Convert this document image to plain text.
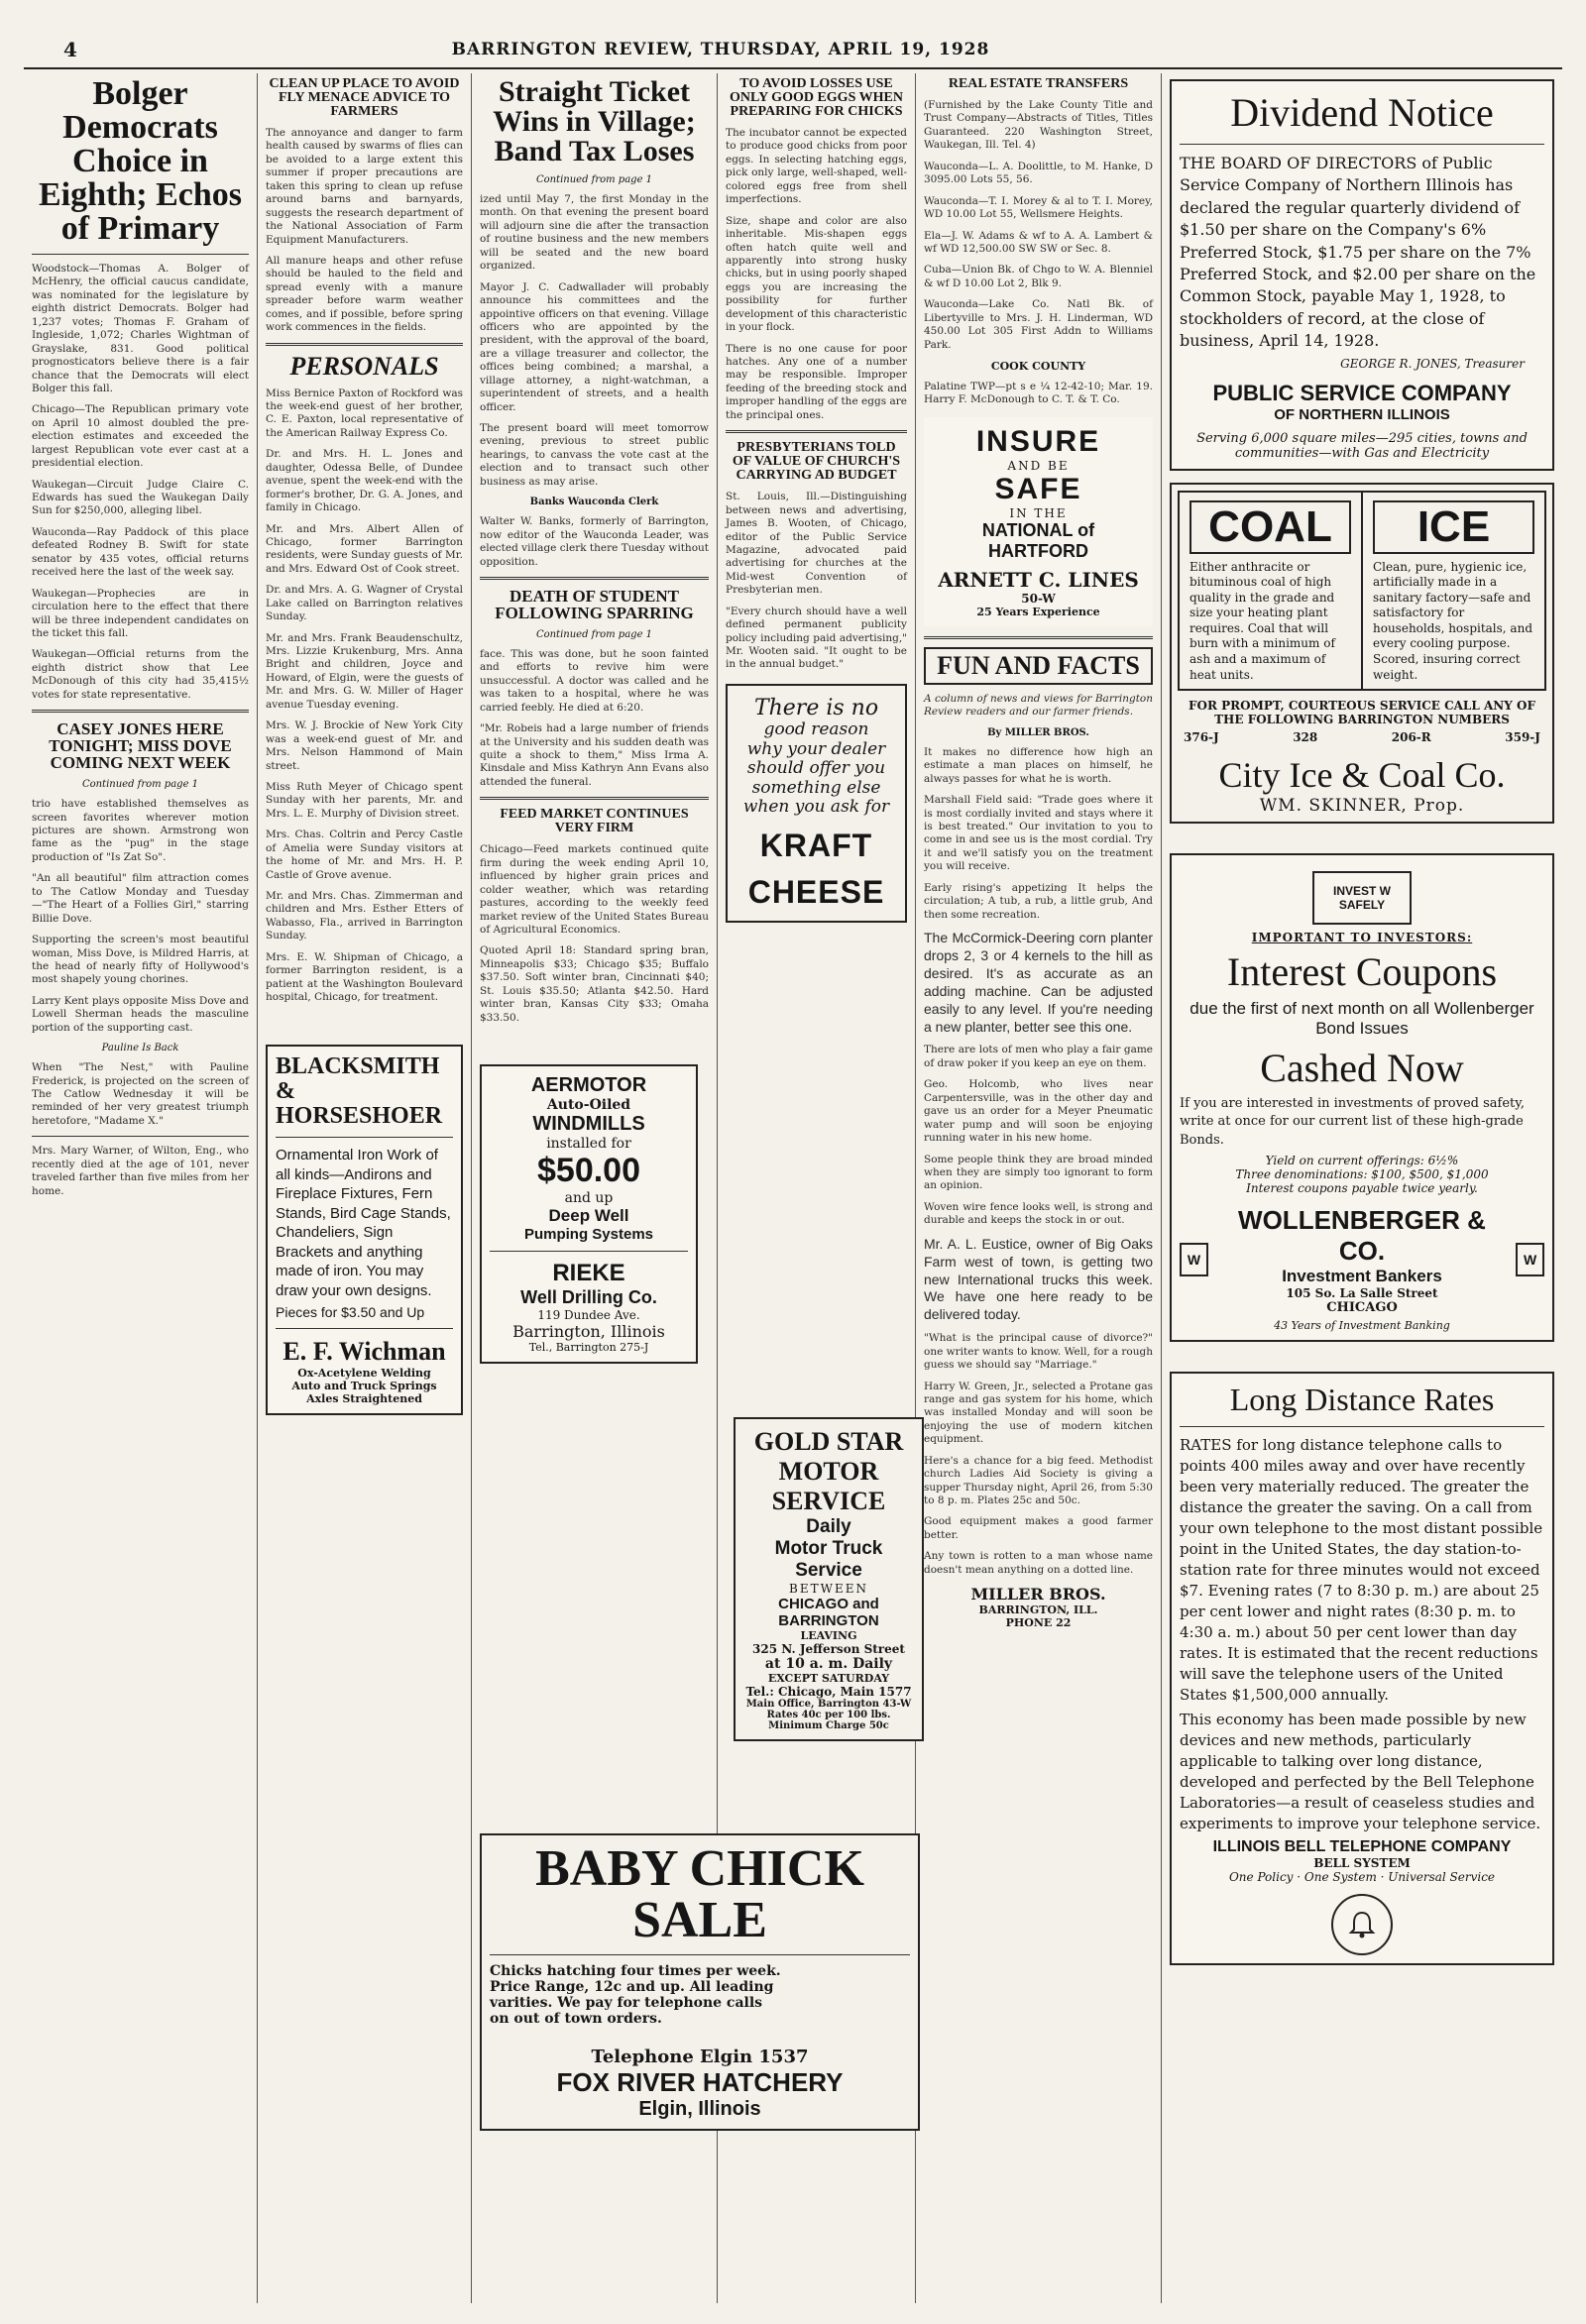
4	BARRINGTON REVIEW, THURSDAY, APRIL 19, 1928
Bolger Democrats Choice in Eighth; Echos of Primary

Woodstock—Thomas A. Bolger of McHenry, the official caucus candidate, was nominated for the legislature by eighth district Democrats. Bolger had 1,237 votes; Thomas F. Graham of Ingleside, 1,072; Charles Wightman of Grayslake, 831. Good political prognosticators believe there is a fair chance that the Democrats will elect Bolger this fall.

Chicago—The Republican primary vote on April 10 almost doubled the pre-election estimates and exceeded the largest Republican vote ever cast at a presidential election.

Waukegan—Circuit Judge Claire C. Edwards has sued the Waukegan Daily Sun for $250,000, alleging libel.

Wauconda—Ray Paddock of this place defeated Rodney B. Swift for state senator by 435 votes, official returns received here the last of the week say.

Waukegan—Prophecies are in circulation here to the effect that there will be three independent candidates on the ticket this fall.

Waukegan—Official returns from the eighth district show that Lee McDonough of this city had 35,415½ votes for state representative.

CASEY JONES HERE TONIGHT; MISS DOVE COMING NEXT WEEK
Continued from page 1

trio have established themselves as screen favorites wherever motion pictures are shown. Armstrong won fame as the "pug" in the stage production of "Is Zat So".

"An all beautiful" film attraction comes to The Catlow Monday and Tuesday—"The Heart of a Follies Girl," starring Billie Dove.

Supporting the screen's most beautiful woman, Miss Dove, is Mildred Harris, at the head of nearly fifty of Hollywood's most shapely young chorines.

Larry Kent plays opposite Miss Dove and Lowell Sherman heads the masculine portion of the supporting cast.

Pauline Is Back

When "The Nest," with Pauline Frederick, is projected on the screen of The Catlow Wednesday it will be reminded of her very greatest triumph heretofore, "Madame X."

Mrs. Mary Warner, of Wilton, Eng., who recently died at the age of 101, never traveled farther than five miles from her home.

CLEAN UP PLACE TO AVOID FLY MENACE ADVICE TO FARMERS

The annoyance and danger to farm health caused by swarms of flies can be avoided to a large extent this summer if proper precautions are taken this spring to clean up refuse around barns and barnyards, suggests the research department of the National Association of Farm Equipment Manufacturers.

All manure heaps and other refuse should be hauled to the field and spread evenly with a manure spreader before warm weather comes, and if possible, before spring work commences in the fields.

PERSONALS

Miss Bernice Paxton of Rockford was the week-end guest of her brother, C. E. Paxton, local representative of the American Railway Express Co.

Dr. and Mrs. H. L. Jones and daughter, Odessa Belle, of Dundee avenue, spent the week-end with the former's brother, Dr. G. A. Jones, and family in Chicago.

Mr. and Mrs. Albert Allen of Chicago, former Barrington residents, were Sunday guests of Mr. and Mrs. Edward Ost of Cook street.

Dr. and Mrs. A. G. Wagner of Crystal Lake called on Barrington relatives Sunday.

Mr. and Mrs. Frank Beaudenschultz, Mrs. Lizzie Krukenburg, Mrs. Anna Bright and children, Joyce and Howard, of Elgin, were the guests of Mr. and Mrs. G. W. Miller of Hager avenue Tuesday evening.

Mrs. W. J. Brockie of New York City was a week-end guest of Mr. and Mrs. Nelson Hammond of Main street.

Miss Ruth Meyer of Chicago spent Sunday with her parents, Mr. and Mrs. L. E. Murphy of Division street.

Mrs. Chas. Coltrin and Percy Castle of Amelia were Sunday visitors at the home of Mr. and Mrs. H. P. Castle of Grove avenue.

Mr. and Mrs. Chas. Zimmerman and children and Mrs. Esther Etters of Wabasso, Fla., arrived in Barrington Sunday.

Mrs. E. W. Shipman of Chicago, a former Barrington resident, is a patient at the Washington Boulevard hospital, Chicago, for treatment.

BLACKSMITH & HORSESHOER

Ornamental Iron Work of all kinds—Andirons and Fireplace Fixtures, Fern Stands, Bird Cage Stands, Chandeliers, Sign Brackets and anything made of iron. You may draw your own designs.

Pieces for $3.50 and Up

E. F. Wichman
Ox-Acetylene Welding
Auto and Truck Springs
Axles Straightened
Straight Ticket Wins in Village; Band Tax Loses
Continued from page 1

ized until May 7, the first Monday in the month. On that evening the present board will adjourn sine die after the transaction of routine business and the new members will be seated and the new board organized.

Mayor J. C. Cadwallader will probably announce his committees and the appointive officers on that evening. Village officers who are appointed by the president, with the approval of the board, are a village treasurer and collector, the offices being combined; a marshal, a village attorney, a night-watchman, a superintendent of streets, and a health officer.

The present board will meet tomorrow evening, previous to street public hearings, to canvass the vote cast at the election and to transact such other business as may arise.

Banks Wauconda Clerk

Walter W. Banks, formerly of Barrington, now editor of the Wauconda Leader, was elected village clerk there Tuesday without opposition.

DEATH OF STUDENT FOLLOWING SPARRING
Continued from page 1

face. This was done, but he soon fainted and efforts to revive him were unsuccessful. A doctor was called and he was taken to a hospital, where he was carried feebly. He died at 6:20.

"Mr. Robeis had a large number of friends at the University and his sudden death was quite a shock to them," Miss Irma A. Kinsdale and Miss Kathryn Ann Evans also attended the funeral.

FEED MARKET CONTINUES VERY FIRM

Chicago—Feed markets continued quite firm during the week ending April 10, influenced by higher grain prices and colder weather, which was retarding pastures, according to the weekly feed market review of the United States Bureau of Agricultural Economics.

Quoted April 18: Standard spring bran, Minneapolis $33; Chicago $35; Buffalo $37.50. Soft winter bran, Cincinnati $40; St. Louis $35.50; Atlanta $42.50. Hard winter bran, Kansas City $33; Omaha $33.50.

AERMOTOR
Auto-Oiled
WINDMILLS
installed for
$50.00
and up
Deep Well
Pumping Systems
RIEKE
Well Drilling Co.
119 Dundee Ave.
Barrington, Illinois
Tel., Barrington 275-J
TO AVOID LOSSES USE ONLY GOOD EGGS WHEN PREPARING FOR CHICKS

The incubator cannot be expected to produce good chicks from poor eggs. In selecting hatching eggs, pick only large, well-shaped, well-colored eggs free from shell imperfections.

Size, shape and color are also inheritable. Mis-shapen eggs often hatch quite well and apparently into strong husky chicks, but in using poorly shaped eggs you are increasing the possibility for further development of this characteristic in your flock.

There is no one cause for poor hatches. Any one of a number may be responsible. Improper feeding of the breeding stock and improper handling of the eggs are the principal ones.

PRESBYTERIANS TOLD OF VALUE OF CHURCH'S CARRYING AD BUDGET

St. Louis, Ill.—Distinguishing between news and advertising, James B. Wooten, of Chicago, editor of the Public Service Magazine, advocated paid advertising for churches at the Mid-west Convention of Presbyterian men.

"Every church should have a well defined permanent publicity policy including paid advertising," Mr. Wooten said. "It ought to be in the annual budget."

There is no
good reason
why your dealer
should offer you
something else
when you ask for
KRAFT
CHEESE
REAL ESTATE TRANSFERS

(Furnished by the Lake County Title and Trust Company—Abstracts of Titles, Titles Guaranteed. 220 Washington Street, Waukegan, Ill. Tel. 4)

Wauconda—L. A. Doolittle, to M. Hanke, D 3095.00 Lots 55, 56.

Wauconda—T. I. Morey & al to T. I. Morey, WD 10.00 Lot 55, Wellsmere Heights.

Ela—J. W. Adams & wf to A. A. Lambert & wf WD 12,500.00 SW SW or Sec. 8.

Cuba—Union Bk. of Chgo to W. A. Blenniel & wf D 10.00 Lot 2, Blk 9.

Wauconda—Lake Co. Natl Bk. of Libertyville to Mrs. J. H. Linderman, WD 450.00 Lot 305 First Addn to Williams Park.

COOK COUNTY

Palatine TWP—pt s e ¼ 12-42-10; Mar. 19. Harry F. McDonough to C. T. & T. Co.

INSURE
AND BE
SAFE
IN THE
NATIONAL of
HARTFORD
ARNETT C. LINES
50-W
25 Years Experience
FUN AND FACTS

A column of news and views for Barrington Review readers and our farmer friends.

By MILLER BROS.

It makes no difference how high an estimate a man places on himself, he always passes for what he is worth.

Marshall Field said: "Trade goes where it is most cordially invited and stays where it is best treated." Our invitation to you to come in and see us is the most cordial. Try it and we'll satisfy you on the treatment you will receive.

Early rising's appetizing It helps the circulation; A tub, a rub, a little grub, And then some recreation.

The McCormick-Deering corn planter drops 2, 3 or 4 kernels to the hill as desired. It's as accurate as an adding machine. Can be adjusted easily to any level. If you're needing a new planter, better see this one.

There are lots of men who play a fair game of draw poker if you keep an eye on them.

Geo. Holcomb, who lives near Carpentersville, was in the other day and gave us an order for a Meyer Pneumatic water pump and will soon be enjoying running water in his new home.

Some people think they are broad minded when they are simply too ignorant to form an opinion.

Woven wire fence looks well, is strong and durable and keeps the stock in or out.

Mr. A. L. Eustice, owner of Big Oaks Farm west of town, is getting two new International trucks this week. We have one here ready to be delivered today.

"What is the principal cause of divorce?" one writer wants to know. Well, for a rough guess we should say "Marriage."

Harry W. Green, Jr., selected a Protane gas range and gas system for his home, which was installed Monday and will soon be enjoying the use of modern kitchen equipment.

Here's a chance for a big feed. Methodist church Ladies Aid Society is giving a supper Thursday night, April 26, from 5:30 to 8 p. m. Plates 25c and 50c.

Good equipment makes a good farmer better.

Any town is rotten to a man whose name doesn't mean anything on a dotted line.

MILLER BROS.
BARRINGTON, ILL.
PHONE 22
GOLD STAR
MOTOR
SERVICE
Daily
Motor Truck
Service
BETWEEN
CHICAGO and
BARRINGTON
LEAVING
325 N. Jefferson Street
at 10 a. m. Daily
EXCEPT SATURDAY
Tel.: Chicago, Main 1577
Main Office, Barrington 43-W
Rates 40c per 100 lbs.
Minimum Charge 50c
BABY CHICK SALE
Chicks hatching four times per week.
Price Range, 12c and up. All leading
varities. We pay for telephone calls
on out of town orders.
Telephone Elgin 1537
FOX RIVER HATCHERY
Elgin, Illinois
Dividend Notice

THE BOARD OF DIRECTORS of Public Service Company of Northern Illinois has declared the regular quarterly dividend of $1.50 per share on the Company's 6% Preferred Stock, $1.75 per share on the 7% Preferred Stock, and $2.00 per share on the Common Stock, payable May 1, 1928, to stockholders of record, at the close of business, April 14, 1928.

GEORGE R. JONES, Treasurer
PUBLIC SERVICE COMPANY
OF NORTHERN ILLINOIS
Serving 6,000 square miles—295 cities, towns and communities—with Gas and Electricity
COAL
Either anthracite or bituminous coal of high quality in the grade and size your heating plant requires. Coal that will burn with a minimum of ash and a maximum of heat units.
ICE
Clean, pure, hygienic ice, artificially made in a sanitary factory—safe and satisfactory for households, hospitals, and every cooling purpose. Scored, insuring correct weight.
FOR PROMPT, COURTEOUS SERVICE CALL ANY OF THE FOLLOWING BARRINGTON NUMBERS
376-J	328	206-R	359-J
City Ice & Coal Co.
WM. SKINNER, Prop.
INVEST W SAFELY
IMPORTANT TO INVESTORS:
Interest Coupons
due the first of next month on all Wollenberger Bond Issues
Cashed Now

If you are interested in investments of proved safety, write at once for our current list of these high-grade Bonds.

Yield on current offerings: 6½%
Three denominations: $100, $500, $1,000
Interest coupons payable twice yearly.
W
WOLLENBERGER & CO.
Investment Bankers
105 So. La Salle Street
CHICAGO
W
43 Years of Investment Banking
Long Distance Rates

RATES for long distance telephone calls to points 400 miles away and over have recently been very materially reduced. The greater the distance the greater the saving. On a call from your own telephone to the most distant possible point in the United States, the day station-to-station rate for three minutes would not exceed $7. Evening rates (7 to 8:30 p. m.) are about 25 per cent lower and night rates (8:30 p. m. to 4:30 a. m.) about 50 per cent lower than day rates. It is estimated that the recent reductions will save the telephone users of the United States $1,500,000 annually.

This economy has been made possible by new devices and new methods, particularly applicable to talking over long distance, developed and perfected by the Bell Telephone Laboratories—a result of ceaseless studies and experiments to improve your telephone service.

ILLINOIS BELL TELEPHONE COMPANY
BELL SYSTEM
One Policy · One System · Universal Service
